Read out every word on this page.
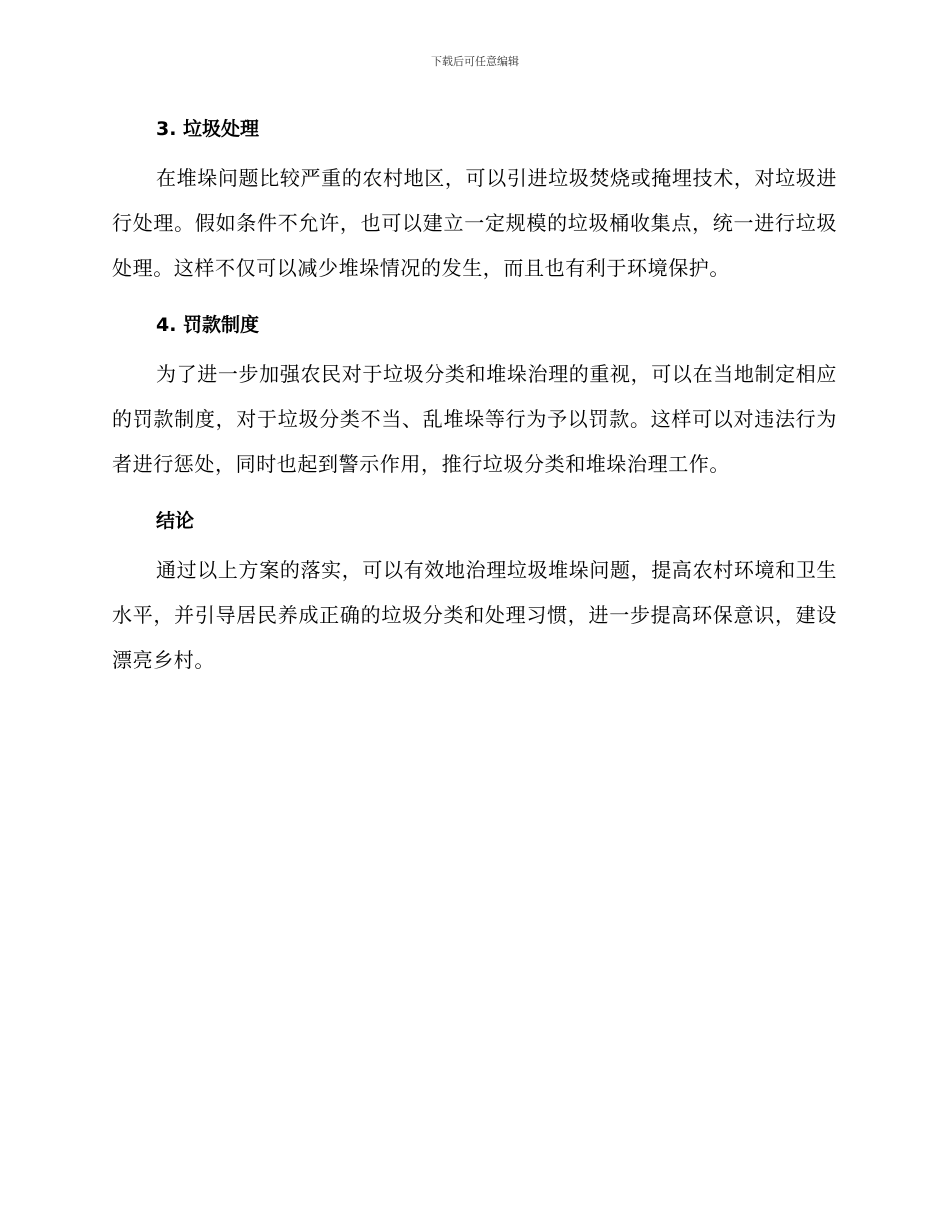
下载后可任意编辑
3. 垃圾处理

在堆垛问题比较严重的农村地区，可以引进垃圾焚烧或掩埋技术，对垃圾进行处理。假如条件不允许，也可以建立一定规模的垃圾桶收集点，统一进行垃圾处理。这样不仅可以减少堆垛情况的发生，而且也有利于环境保护。

4. 罚款制度

为了进一步加强农民对于垃圾分类和堆垛治理的重视，可以在当地制定相应的罚款制度，对于垃圾分类不当、乱堆垛等行为予以罚款。这样可以对违法行为者进行惩处，同时也起到警示作用，推行垃圾分类和堆垛治理工作。

结论

通过以上方案的落实，可以有效地治理垃圾堆垛问题，提高农村环境和卫生水平，并引导居民养成正确的垃圾分类和处理习惯，进一步提高环保意识，建设漂亮乡村。
